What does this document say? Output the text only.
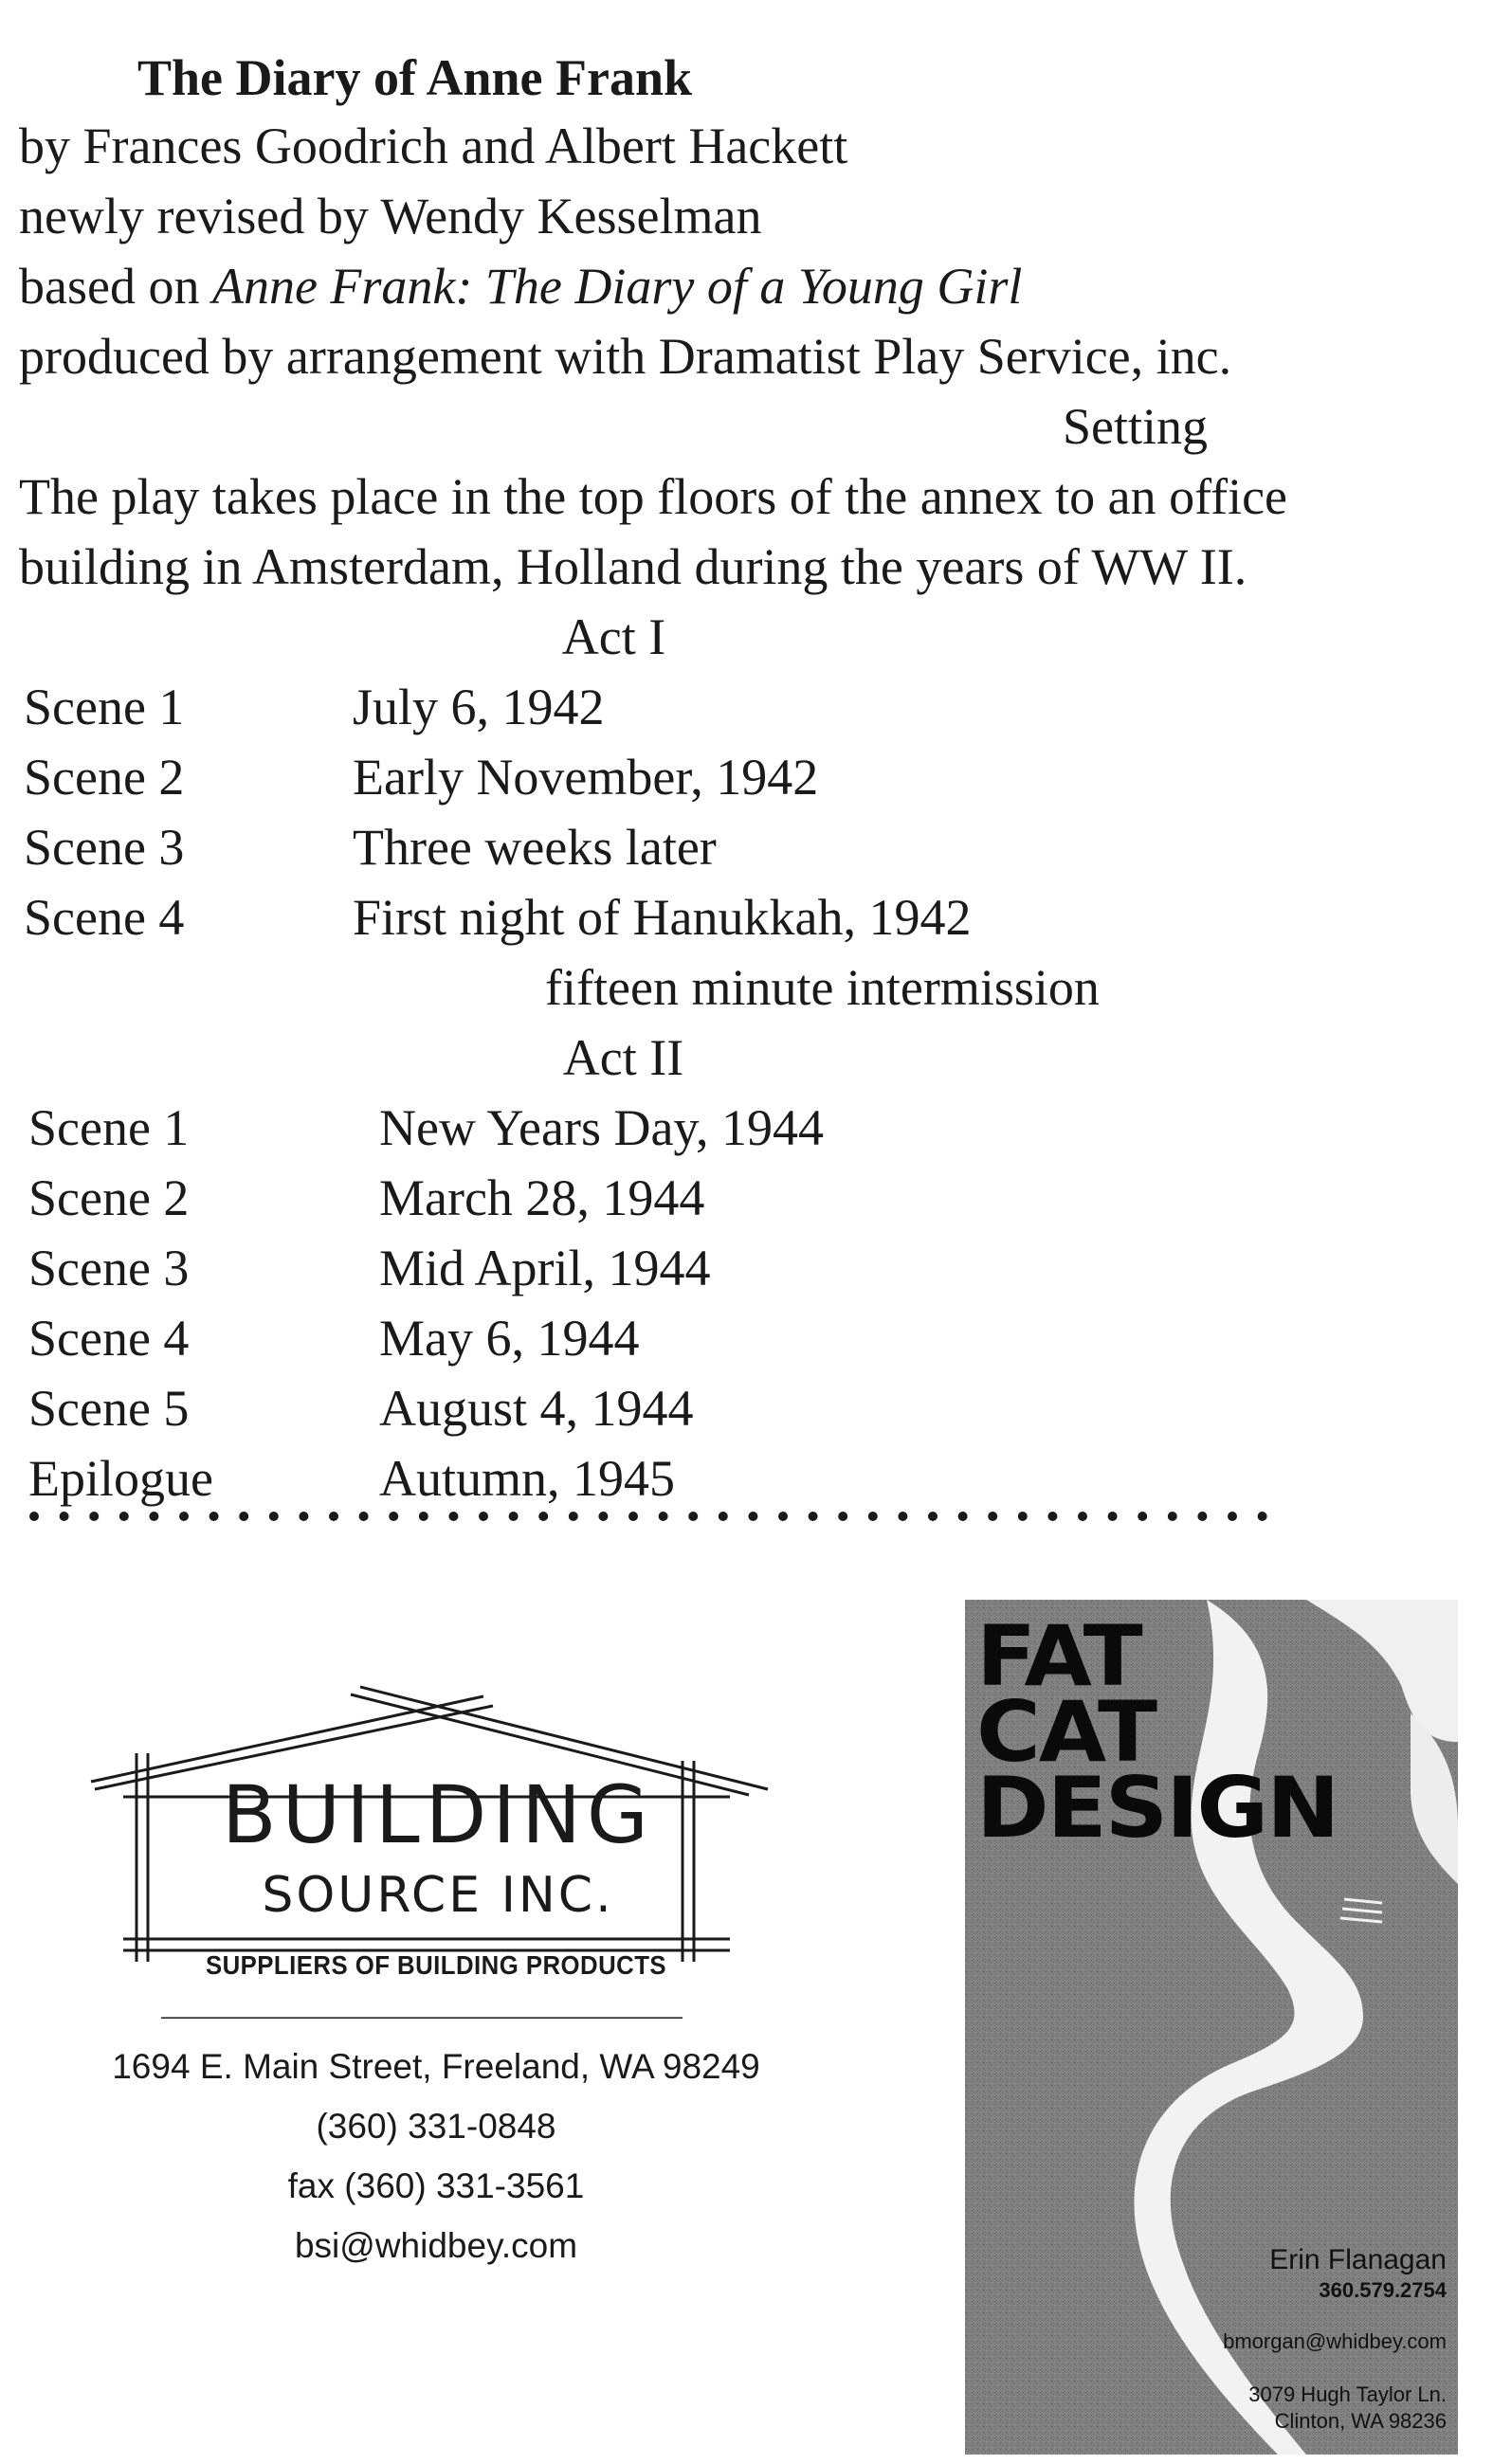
The Diary of Anne Frank
by Frances Goodrich and Albert Hackett
newly revised by Wendy Kesselman
based on Anne Frank: The Diary of a Young Girl
produced by arrangement with Dramatist Play Service, inc.
Setting
The play takes place in the top floors of the annex to an office
building in Amsterdam, Holland during the years of WW II.
Act I
Scene 1	July 6, 1942
Scene 2	Early November, 1942
Scene 3	Three weeks later
Scene 4	First night of Hanukkah, 1942
fifteen minute intermission
Act II
Scene 1	New Years Day, 1944
Scene 2	March 28, 1944
Scene 3	Mid April, 1944
Scene 4	May 6, 1944
Scene 5	August 4, 1944
Epilogue	Autumn, 1945
BUILDING
SOURCE INC.
SUPPLIERS OF BUILDING PRODUCTS
1694 E. Main Street, Freeland, WA 98249
(360) 331-0848
fax (360) 331-3561
bsi@whidbey.com
FAT
CAT
DESIGN
Erin Flanagan
360.579.2754
bmorgan@whidbey.com
3079 Hugh Taylor Ln.
Clinton, WA 98236
